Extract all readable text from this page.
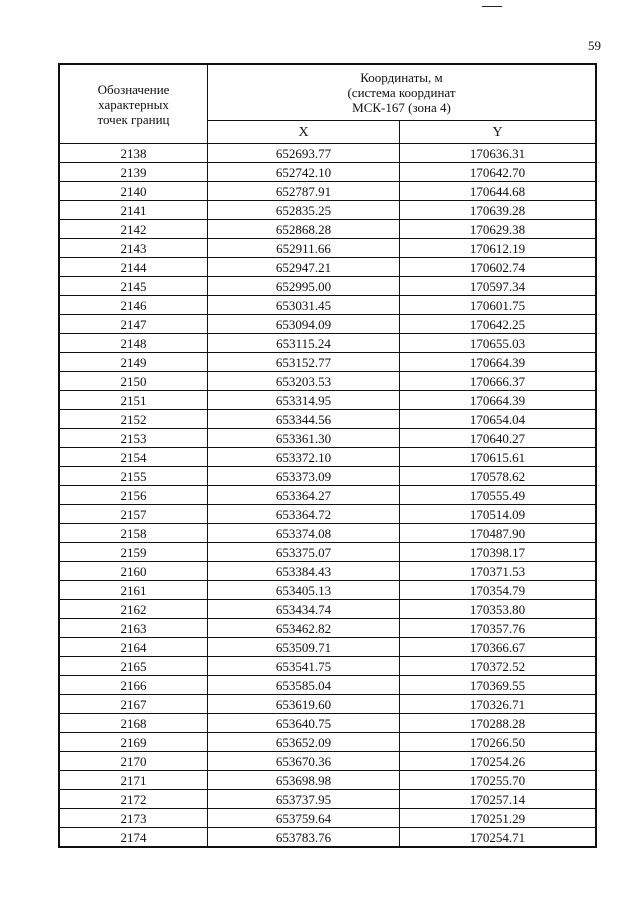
59
Обозначение
характерных
точек границ	Координаты, м
(система координат
МСК-167 (зона 4)	

	X	Y
2138	652693.77	170636.31
2139	652742.10	170642.70
2140	652787.91	170644.68
2141	652835.25	170639.28
2142	652868.28	170629.38
2143	652911.66	170612.19
2144	652947.21	170602.74
2145	652995.00	170597.34
2146	653031.45	170601.75
2147	653094.09	170642.25
2148	653115.24	170655.03
2149	653152.77	170664.39
2150	653203.53	170666.37
2151	653314.95	170664.39
2152	653344.56	170654.04
2153	653361.30	170640.27
2154	653372.10	170615.61
2155	653373.09	170578.62
2156	653364.27	170555.49
2157	653364.72	170514.09
2158	653374.08	170487.90
2159	653375.07	170398.17
2160	653384.43	170371.53
2161	653405.13	170354.79
2162	653434.74	170353.80
2163	653462.82	170357.76
2164	653509.71	170366.67
2165	653541.75	170372.52
2166	653585.04	170369.55
2167	653619.60	170326.71
2168	653640.75	170288.28
2169	653652.09	170266.50
2170	653670.36	170254.26
2171	653698.98	170255.70
2172	653737.95	170257.14
2173	653759.64	170251.29
2174	653783.76	170254.71
